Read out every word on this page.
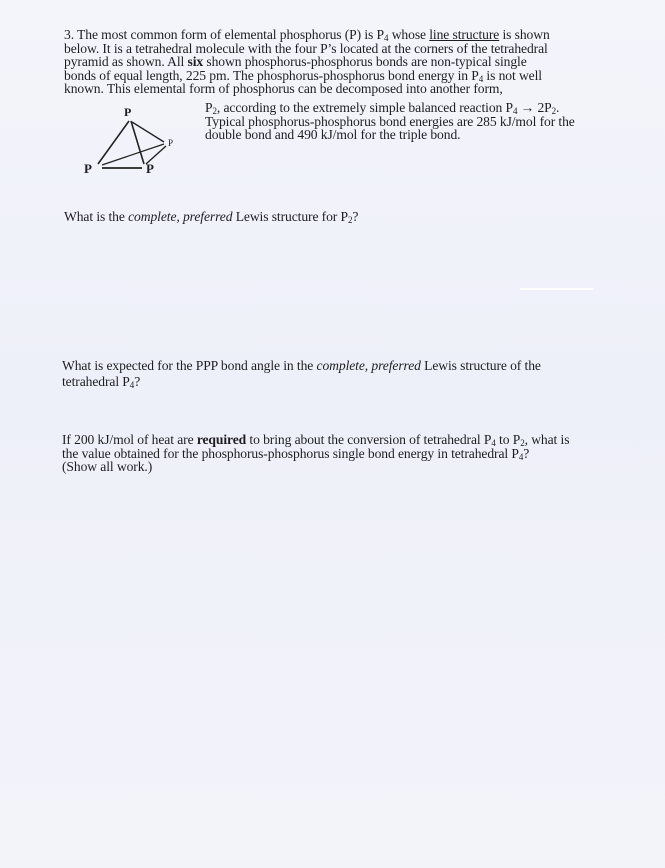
3. The most common form of elemental phosphorus (P) is $P_4$ whose line structure is shown
below. It is a tetrahedral molecule with the four P’s located at the corners of the tetrahedral
pyramid as shown. All six shown phosphorus-phosphorus bonds are non-typical single
bonds of equal length, 225 pm. The phosphorus-phosphorus bond energy in $P_4$ is not well
known. This elemental form of phosphorus can be decomposed into another form,
$P_2$, according to the extremely simple balanced reaction $P_4 \to 2P_2$.
Typical phosphorus-phosphorus bond energies are 285 kJ/mol for the
double bond and 490 kJ/mol for the triple bond.
P
P
P	P
What is the complete, preferred Lewis structure for $P_2$?
What is expected for the PPP bond angle in the complete, preferred Lewis structure of the
tetrahedral $P_4$?
If 200 kJ/mol of heat are required to bring about the conversion of tetrahedral $P_4$ to $P_2$, what is
the value obtained for the phosphorus-phosphorus single bond energy in tetrahedral $P_4$?
(Show all work.)
